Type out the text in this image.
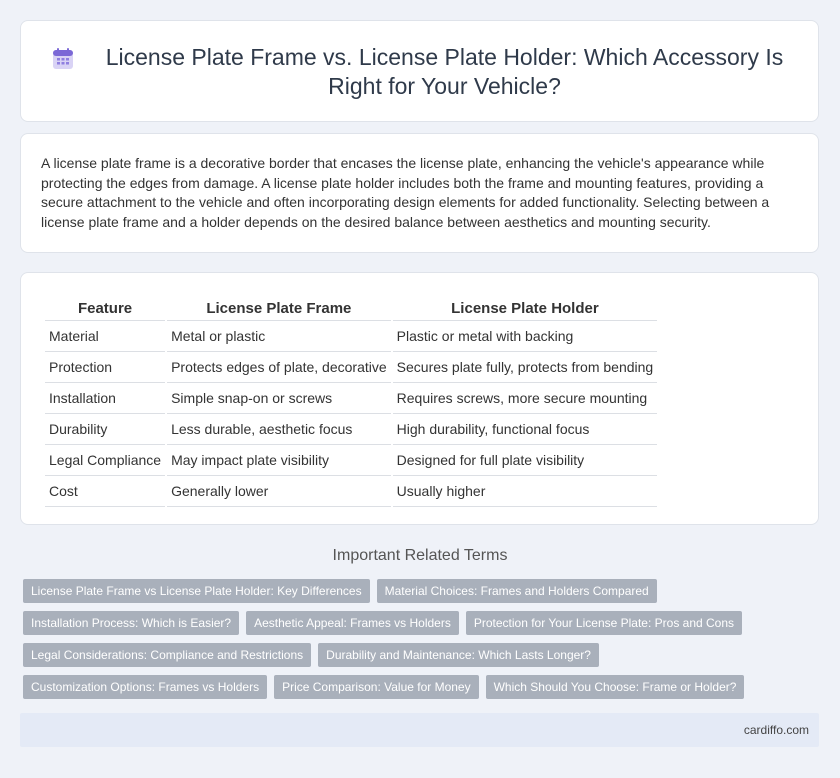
License Plate Frame vs. License Plate Holder: Which Accessory Is Right for Your Vehicle?
A license plate frame is a decorative border that encases the license plate, enhancing the vehicle's appearance while protecting the edges from damage. A license plate holder includes both the frame and mounting features, providing a secure attachment to the vehicle and often incorporating design elements for added functionality. Selecting between a license plate frame and a holder depends on the desired balance between aesthetics and mounting security.
Feature	License Plate Frame	License Plate Holder
Material	Metal or plastic	Plastic or metal with backing
Protection	Protects edges of plate, decorative	Secures plate fully, protects from bending
Installation	Simple snap-on or screws	Requires screws, more secure mounting
Durability	Less durable, aesthetic focus	High durability, functional focus
Legal Compliance	May impact plate visibility	Designed for full plate visibility
Cost	Generally lower	Usually higher
Important Related Terms
License Plate Frame vs License Plate Holder: Key Differences	Material Choices: Frames and Holders Compared
Installation Process: Which is Easier?	Aesthetic Appeal: Frames vs Holders	Protection for Your License Plate: Pros and Cons
Legal Considerations: Compliance and Restrictions	Durability and Maintenance: Which Lasts Longer?
Customization Options: Frames vs Holders	Price Comparison: Value for Money	Which Should You Choose: Frame or Holder?
cardiffo.com
